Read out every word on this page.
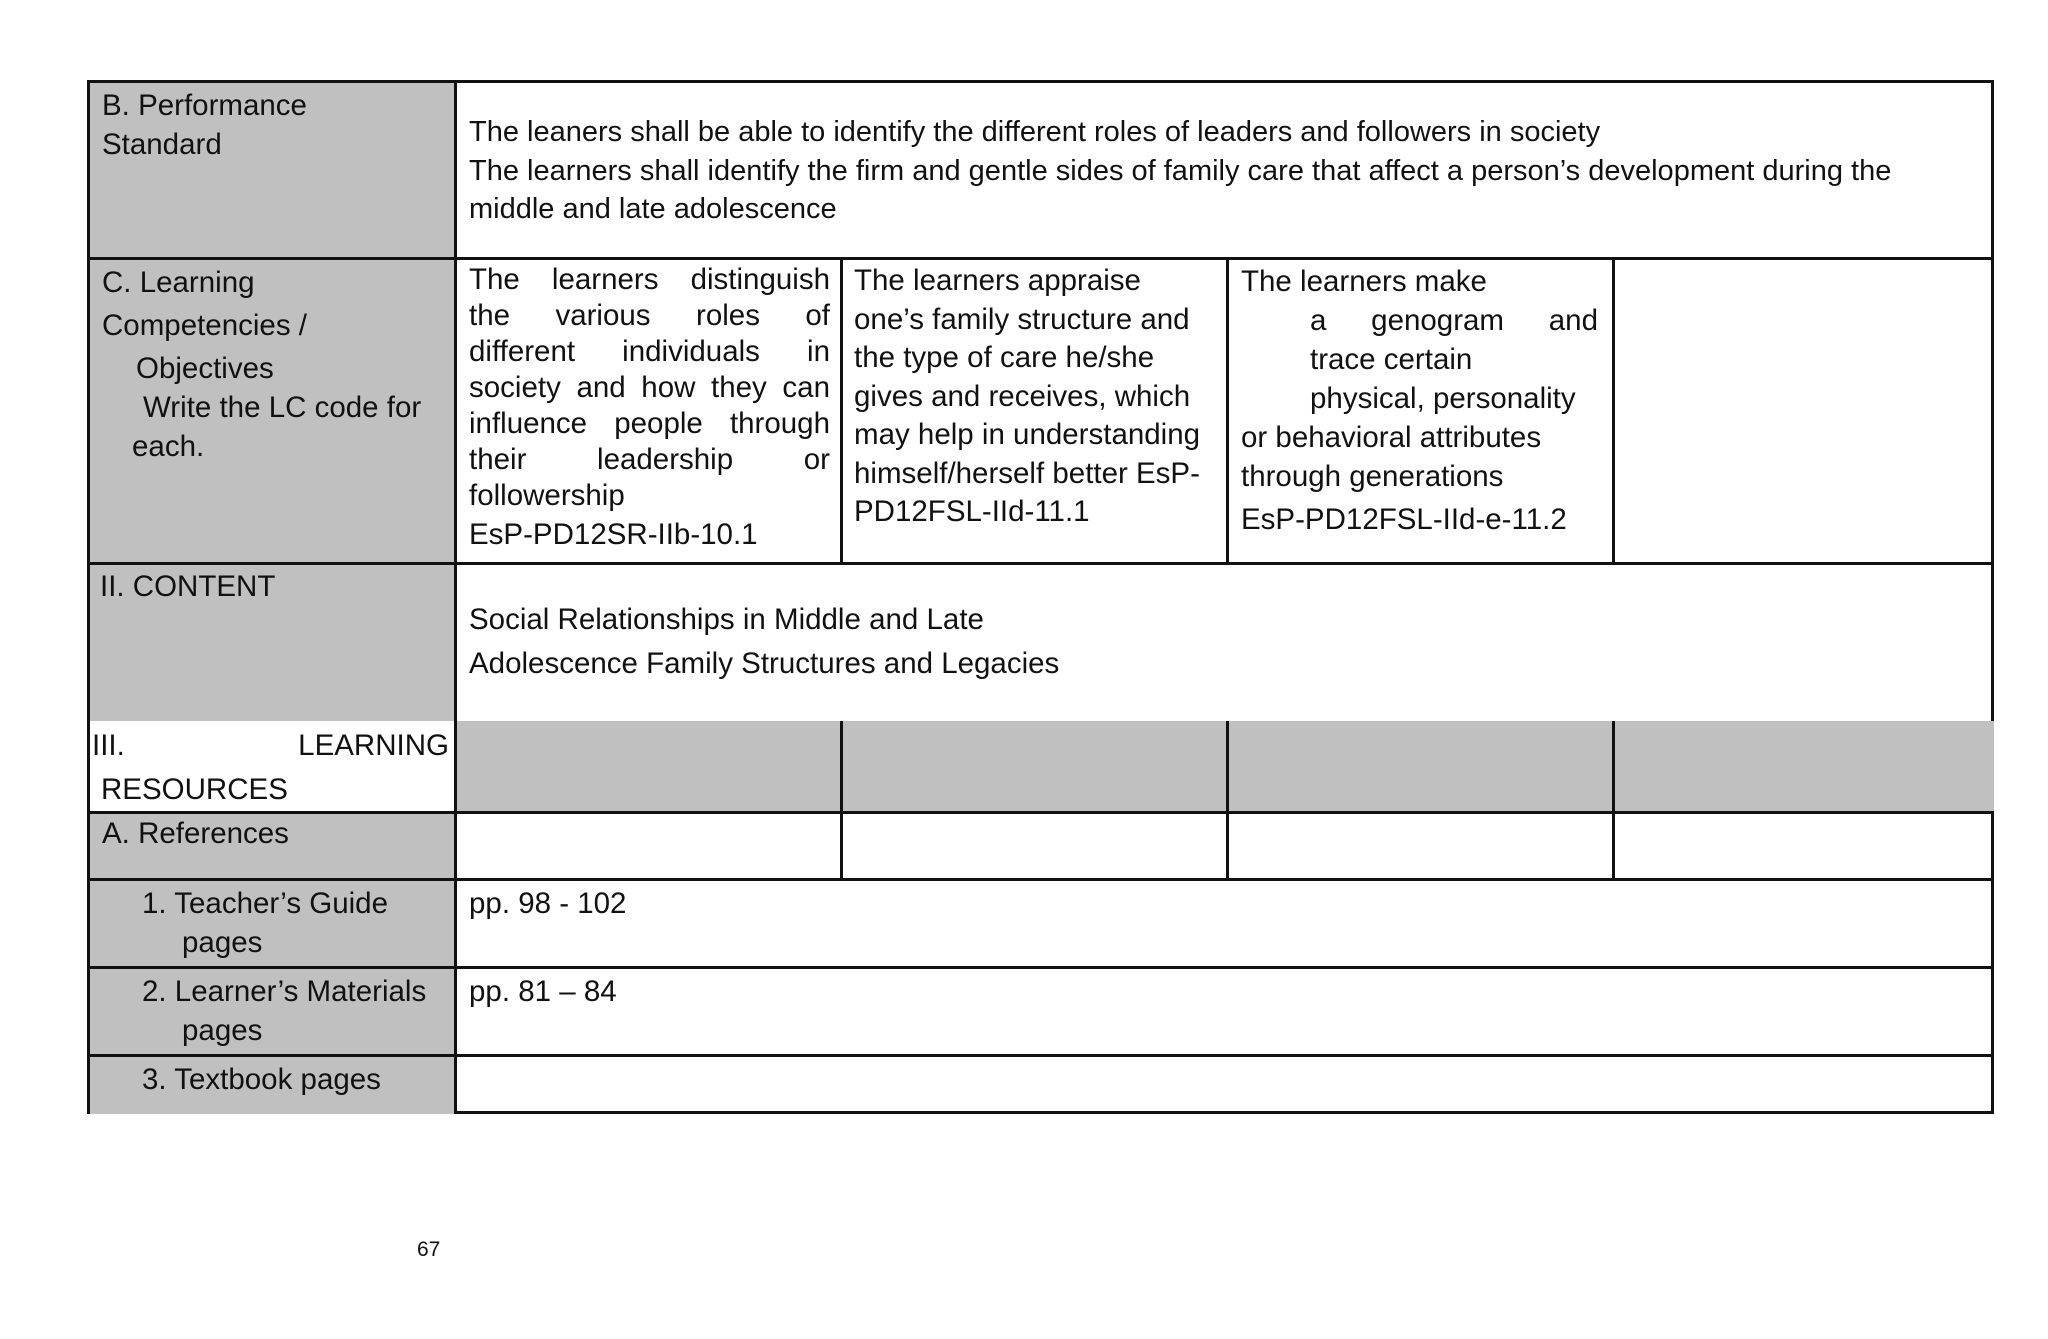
B. Performance
Standard	The leaners shall be able to identify the different roles of leaders and followers in society
The learners shall identify the firm and gentle sides of family care that affect a person’s development during the
middle and late adolescence
C. Learning
Competencies /
Objectives
Write the LC code for
each.
The learners distinguish
the various roles of
different individuals in
society and how they can
influence people through
their leadership or
followership
EsP-PD12SR-IIb-10.1
The learners appraise
one’s family structure and
the type of care he/she
gives and receives, which
may help in understanding
himself/herself better EsP-
PD12FSL-IId-11.1
The learners make
a genogram and
trace certain
physical, personality
or behavioral attributes
through generations
EsP-PD12FSL-IId-e-11.2
II. CONTENT
Social Relationships in Middle and Late
Adolescence Family Structures and Legacies
III.	LEARNING
RESOURCES
A. References
1. Teacher’s Guide
pages
pp. 98 - 102
2. Learner’s Materials
pages
pp. 81 – 84
3. Textbook pages
67
